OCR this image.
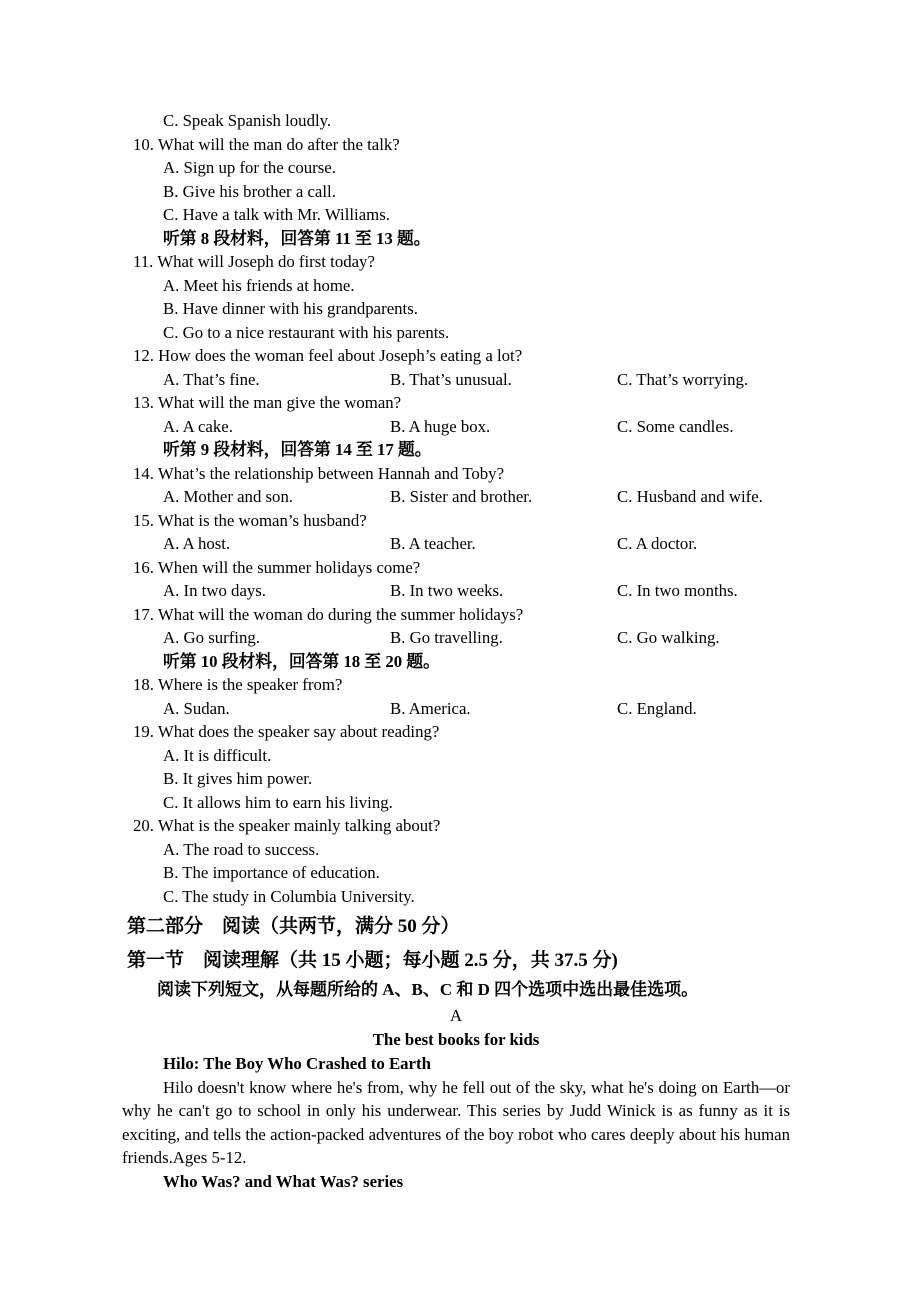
C. Speak Spanish loudly.
10. What will the man do after the talk?
A. Sign up for the course.
B. Give his brother a call.
C. Have a talk with Mr. Williams.
听第 8 段材料，回答第 11 至 13 题。
11. What will Joseph do first today?
A. Meet his friends at home.
B. Have dinner with his grandparents.
C. Go to a nice restaurant with his parents.
12. How does the woman feel about Joseph’s eating a lot?
A. That’s fine.	B. That’s unusual.	C. That’s worrying.
13. What will the man give the woman?
A. A cake.	B. A huge box.	C. Some candles.
听第 9 段材料，回答第 14 至 17 题。
14. What’s the relationship between Hannah and Toby?
A. Mother and son.	B. Sister and brother.	C. Husband and wife.
15. What is the woman’s husband?
A. A host.	B. A teacher.	C. A doctor.
16. When will the summer holidays come?
A. In two days.	B. In two weeks.	C. In two months.
17. What will the woman do during the summer holidays?
A. Go surfing.	B. Go travelling.	C. Go walking.
听第 10 段材料，回答第 18 至 20 题。
18. Where is the speaker from?
A. Sudan.	B. America.	C. England.
19. What does the speaker say about reading?
A. It is difficult.
B. It gives him power.
C. It allows him to earn his living.
20. What is the speaker mainly talking about?
A. The road to success.
B. The importance of education.
C. The study in Columbia University.
第二部分　阅读（共两节，满分 50 分）
第一节　阅读理解（共 15 小题；每小题 2.5 分，共 37.5 分)
阅读下列短文，从每题所给的 A、B、C 和 D 四个选项中选出最佳选项。
A
The best books for kids
Hilo: The Boy Who Crashed to Earth
Hilo doesn't know where he's from, why he fell out of the sky, what he's doing on Earth—or why he can't go to school in only his underwear. This series by Judd Winick is as funny as it is exciting, and tells the action-packed adventures of the boy robot who cares deeply about his human friends.Ages 5-12.
Who Was? and What Was? series
